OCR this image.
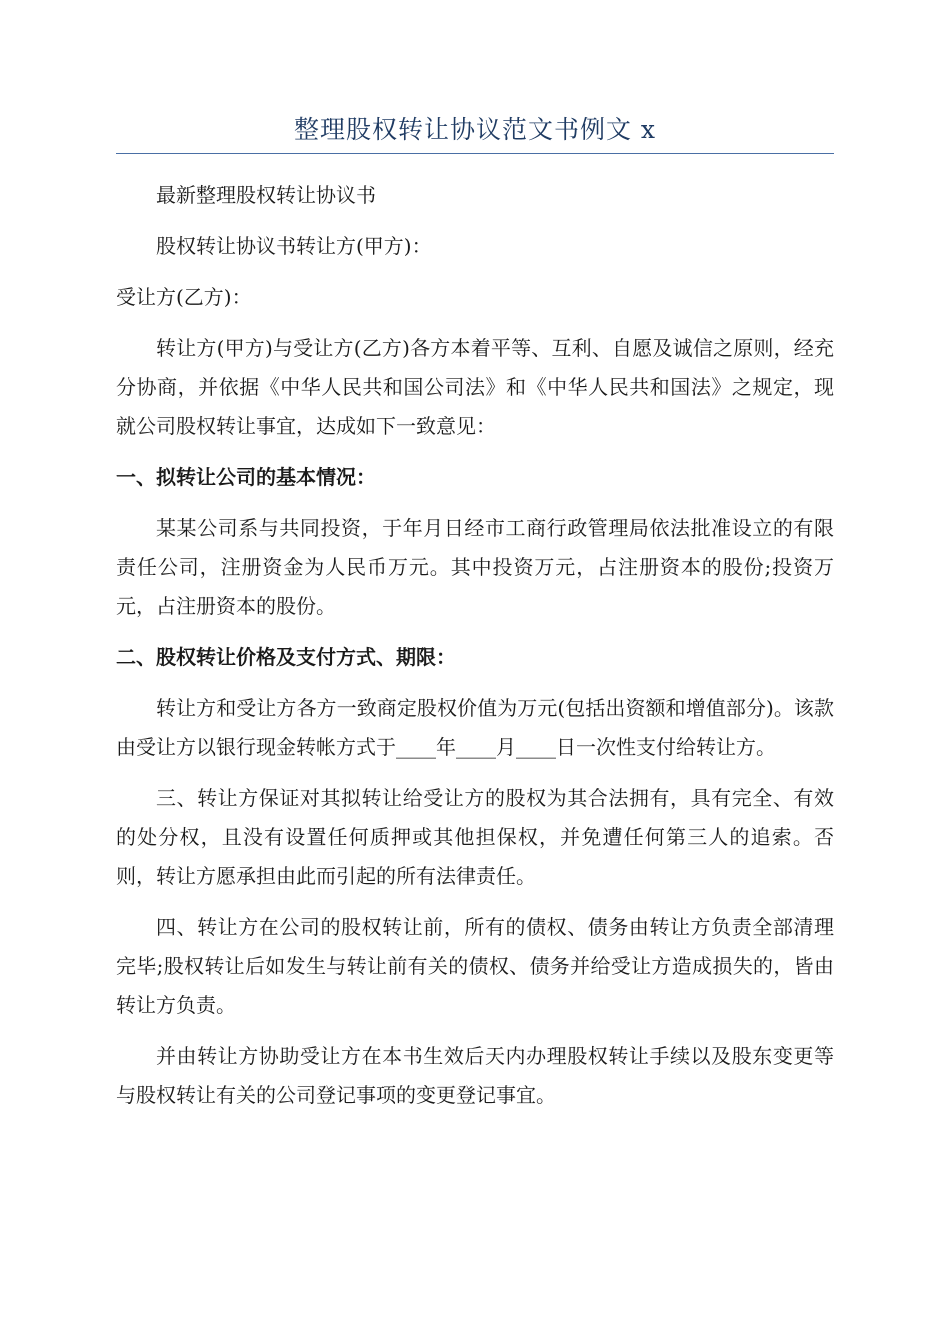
整理股权转让协议范文书例文 x

最新整理股权转让协议书

股权转让协议书转让方(甲方)：

受让方(乙方)：

转让方(甲方)与受让方(乙方)各方本着平等、互利、自愿及诚信之原则，经充分协商，并依据《中华人民共和国公司法》和《中华人民共和国法》之规定，现就公司股权转让事宜，达成如下一致意见：

一、拟转让公司的基本情况：

某某公司系与共同投资，于年月日经市工商行政管理局依法批准设立的有限责任公司，注册资金为人民币万元。其中投资万元，占注册资本的股份;投资万元，占注册资本的股份。

二、股权转让价格及支付方式、期限：

转让方和受让方各方一致商定股权价值为万元(包括出资额和增值部分)。该款由受让方以银行现金转帐方式于____年____月____日一次性支付给转让方。

三、转让方保证对其拟转让给受让方的股权为其合法拥有，具有完全、有效的处分权，且没有设置任何质押或其他担保权，并免遭任何第三人的追索。否则，转让方愿承担由此而引起的所有法律责任。

四、转让方在公司的股权转让前，所有的债权、债务由转让方负责全部清理完毕;股权转让后如发生与转让前有关的债权、债务并给受让方造成损失的，皆由转让方负责。

并由转让方协助受让方在本书生效后天内办理股权转让手续以及股东变更等与股权转让有关的公司登记事项的变更登记事宜。
